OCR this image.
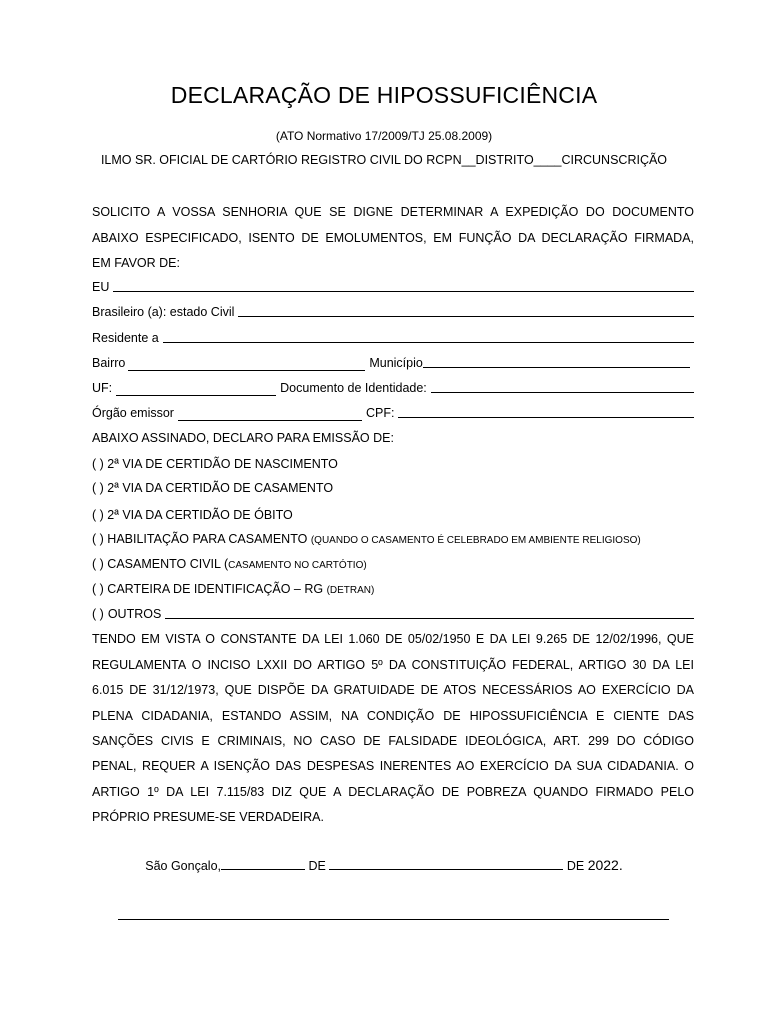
DECLARAÇÃO DE HIPOSSUFICIÊNCIA
(ATO Normativo 17/2009/TJ 25.08.2009)
ILMO SR. OFICIAL DE CARTÓRIO REGISTRO CIVIL DO RCPN__DISTRITO____CIRCUNSCRIÇÃO
SOLICITO A VOSSA SENHORIA QUE SE DIGNE DETERMINAR A EXPEDIÇÃO DO DOCUMENTO
ABAIXO ESPECIFICADO, ISENTO DE EMOLUMENTOS, EM FUNÇÃO DA DECLARAÇÃO FIRMADA,
EM FAVOR DE:
EU
Brasileiro (a): estado Civil
Residente a
Bairro	Município
UF:	Documento de Identidade:
Órgão emissor	CPF:
ABAIXO ASSINADO, DECLARO PARA EMISSÃO DE:
( ) 2ª VIA DE CERTIDÃO DE NASCIMENTO
( ) 2ª VIA DA CERTIDÃO DE CASAMENTO
( ) 2ª VIA DA CERTIDÃO DE ÓBITO
( ) HABILITAÇÃO PARA CASAMENTO (QUANDO O CASAMENTO É CELEBRADO EM AMBIENTE RELIGIOSO)
( ) CASAMENTO CIVIL (CASAMENTO NO CARTÓTIO)
( ) CARTEIRA DE IDENTIFICAÇÃO – RG (DETRAN)
( ) OUTROS
TENDO EM VISTA O CONSTANTE DA LEI 1.060 DE 05/02/1950 E DA LEI 9.265 DE 12/02/1996, QUE
REGULAMENTA O INCISO LXXII DO ARTIGO 5º DA CONSTITUIÇÃO FEDERAL, ARTIGO 30 DA LEI
6.015 DE 31/12/1973, QUE DISPÕE DA GRATUIDADE DE ATOS NECESSÁRIOS AO EXERCÍCIO DA
PLENA CIDADANIA, ESTANDO ASSIM, NA CONDIÇÃO DE HIPOSSUFICIÊNCIA E CIENTE DAS
SANÇÕES CIVIS E CRIMINAIS, NO CASO DE FALSIDADE IDEOLÓGICA, ART. 299 DO CÓDIGO
PENAL, REQUER A ISENÇÃO DAS DESPESAS INERENTES AO EXERCÍCIO DA SUA CIDADANIA. O
ARTIGO 1º DA LEI 7.115/83 DIZ QUE A DECLARAÇÃO DE POBREZA QUANDO FIRMADO PELO
PRÓPRIO PRESUME-SE VERDADEIRA.
São Gonçalo,	DE	DE 2022.
